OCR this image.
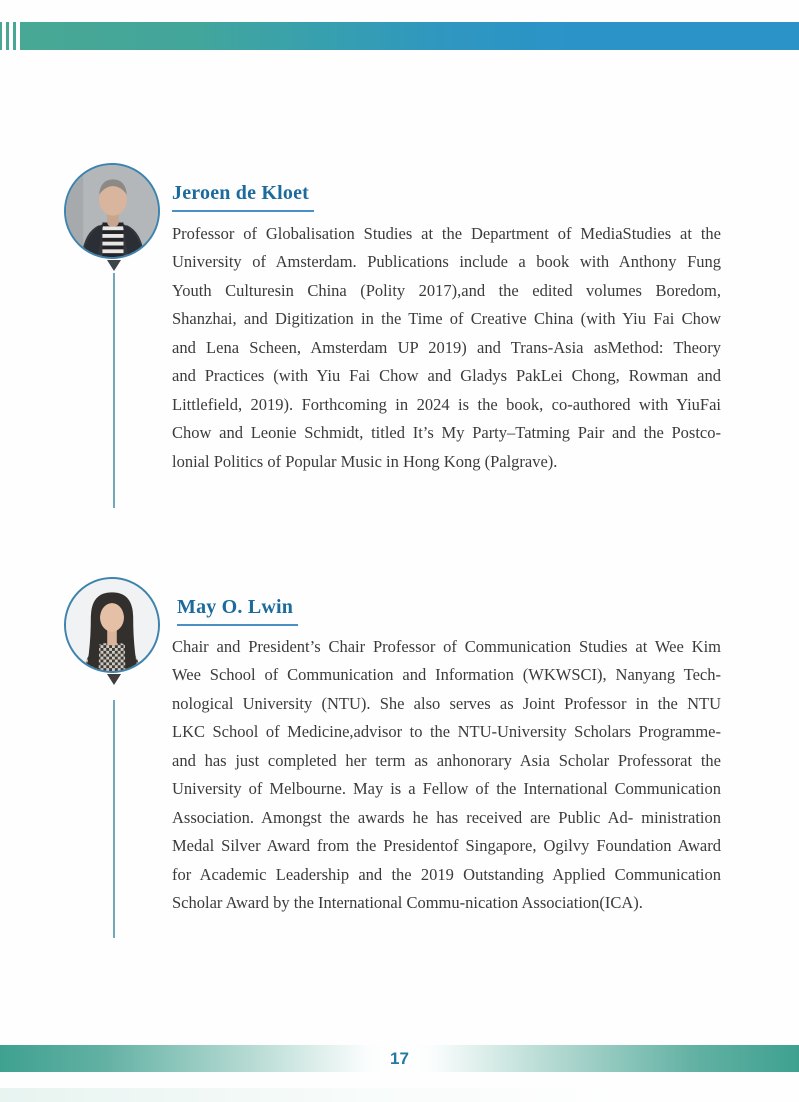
Jeroen de Kloet
Professor of Globalisation Studies at the Department of MediaStudies at the
University of Amsterdam. Publications include a book with Anthony Fung
Youth Culturesin China (Polity 2017),and the edited volumes Boredom,
Shanzhai, and Digitization in the Time of Creative China (with Yiu Fai Chow
and Lena Scheen, Amsterdam UP 2019) and Trans-Asia asMethod: Theory
and Practices (with Yiu Fai Chow and Gladys PakLei Chong, Rowman and
Littlefield, 2019). Forthcoming in 2024 is the book, co-authored with YiuFai
Chow and Leonie Schmidt, titled It’s My Party–Tatming Pair and the Postco-
lonial Politics of Popular Music in Hong Kong (Palgrave).
May O. Lwin
Chair and President’s Chair Professor of Communication Studies at Wee Kim
Wee School of Communication and Information (WKWSCI), Nanyang Tech-
nological University (NTU). She also serves as Joint Professor in the NTU
LKC School of Medicine,advisor to the NTU-University Scholars Programme-
and has just completed her term as anhonorary Asia Scholar Professorat the
University of Melbourne. May is a Fellow of the International Communication
Association. Amongst the awards he has received are Public Ad- ministration
Medal Silver Award from the Presidentof Singapore, Ogilvy Foundation Award
for Academic Leadership and the 2019 Outstanding Applied Communication
Scholar Award by the International Commu-nication Association(ICA).
17
